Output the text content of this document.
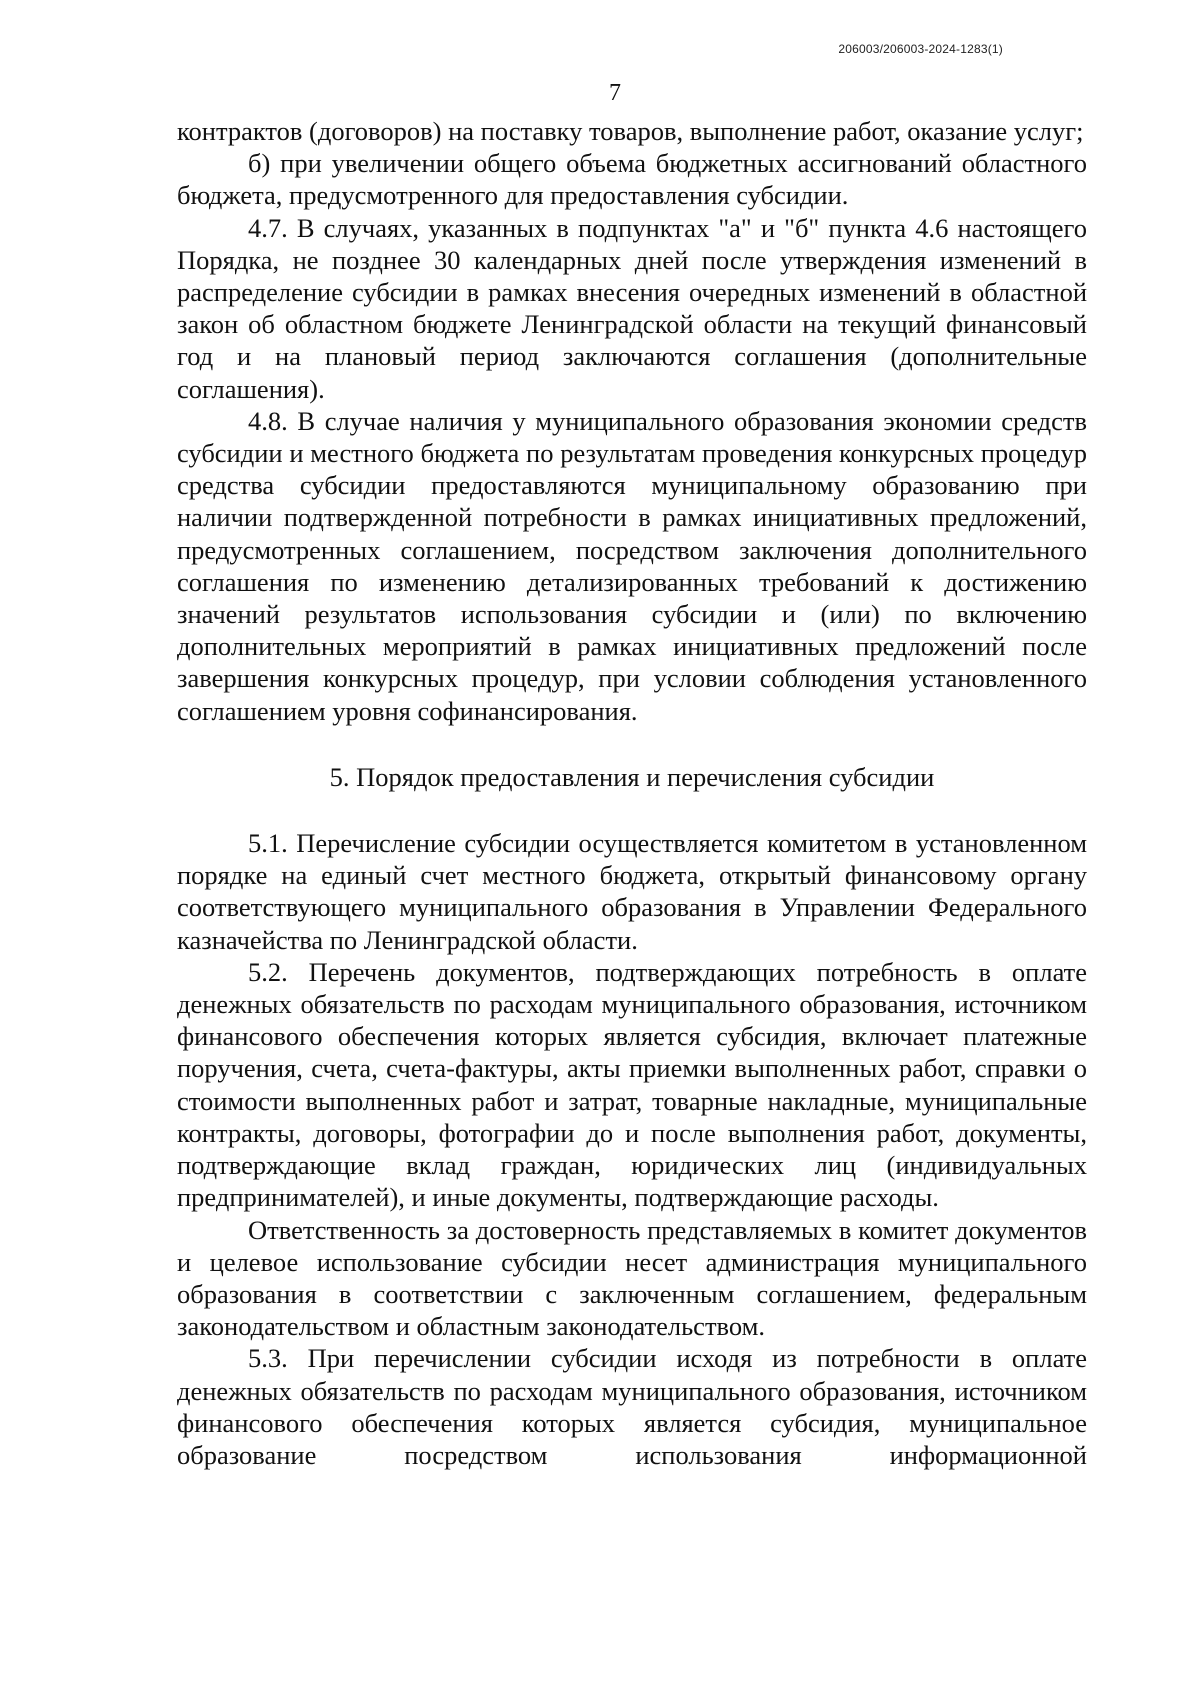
206003/206003-2024-1283(1)
7

контрактов (договоров) на поставку товаров, выполнение работ, оказание услуг;

б) при увеличении общего объема бюджетных ассигнований областного бюджета, предусмотренного для предоставления субсидии.

4.7. В случаях, указанных в подпунктах "а" и "б" пункта 4.6 настоящего Порядка, не позднее 30 календарных дней после утверждения изменений в распределение субсидии в рамках внесения очередных изменений в областной закон об областном бюджете Ленинградской области на текущий финансовый год и на плановый период заключаются соглашения (дополнительные соглашения).

4.8. В случае наличия у муниципального образования экономии средств субсидии и местного бюджета по результатам проведения конкурсных процедур средства субсидии предоставляются муниципальному образованию при наличии подтвержденной потребности в рамках инициативных предложений, предусмотренных соглашением, посредством заключения дополнительного соглашения по изменению детализированных требований к достижению значений результатов использования субсидии и (или) по включению дополнительных мероприятий в рамках инициативных предложений после завершения конкурсных процедур, при условии соблюдения установленного соглашением уровня софинансирования.

5. Порядок предоставления и перечисления субсидии

5.1. Перечисление субсидии осуществляется комитетом в установленном порядке на единый счет местного бюджета, открытый финансовому органу соответствующего муниципального образования в Управлении Федерального казначейства по Ленинградской области.

5.2. Перечень документов, подтверждающих потребность в оплате денежных обязательств по расходам муниципального образования, источником финансового обеспечения которых является субсидия, включает платежные поручения, счета, счета-фактуры, акты приемки выполненных работ, справки о стоимости выполненных работ и затрат, товарные накладные, муниципальные контракты, договоры, фотографии до и после выполнения работ, документы, подтверждающие вклад граждан, юридических лиц (индивидуальных предпринимателей), и иные документы, подтверждающие расходы.

Ответственность за достоверность представляемых в комитет документов и целевое использование субсидии несет администрация муниципального образования в соответствии с заключенным соглашением, федеральным законодательством и областным законодательством.

5.3. При перечислении субсидии исходя из потребности в оплате денежных обязательств по расходам муниципального образования, источником финансового обеспечения которых является субсидия, муниципальное образование посредством использования информационной
